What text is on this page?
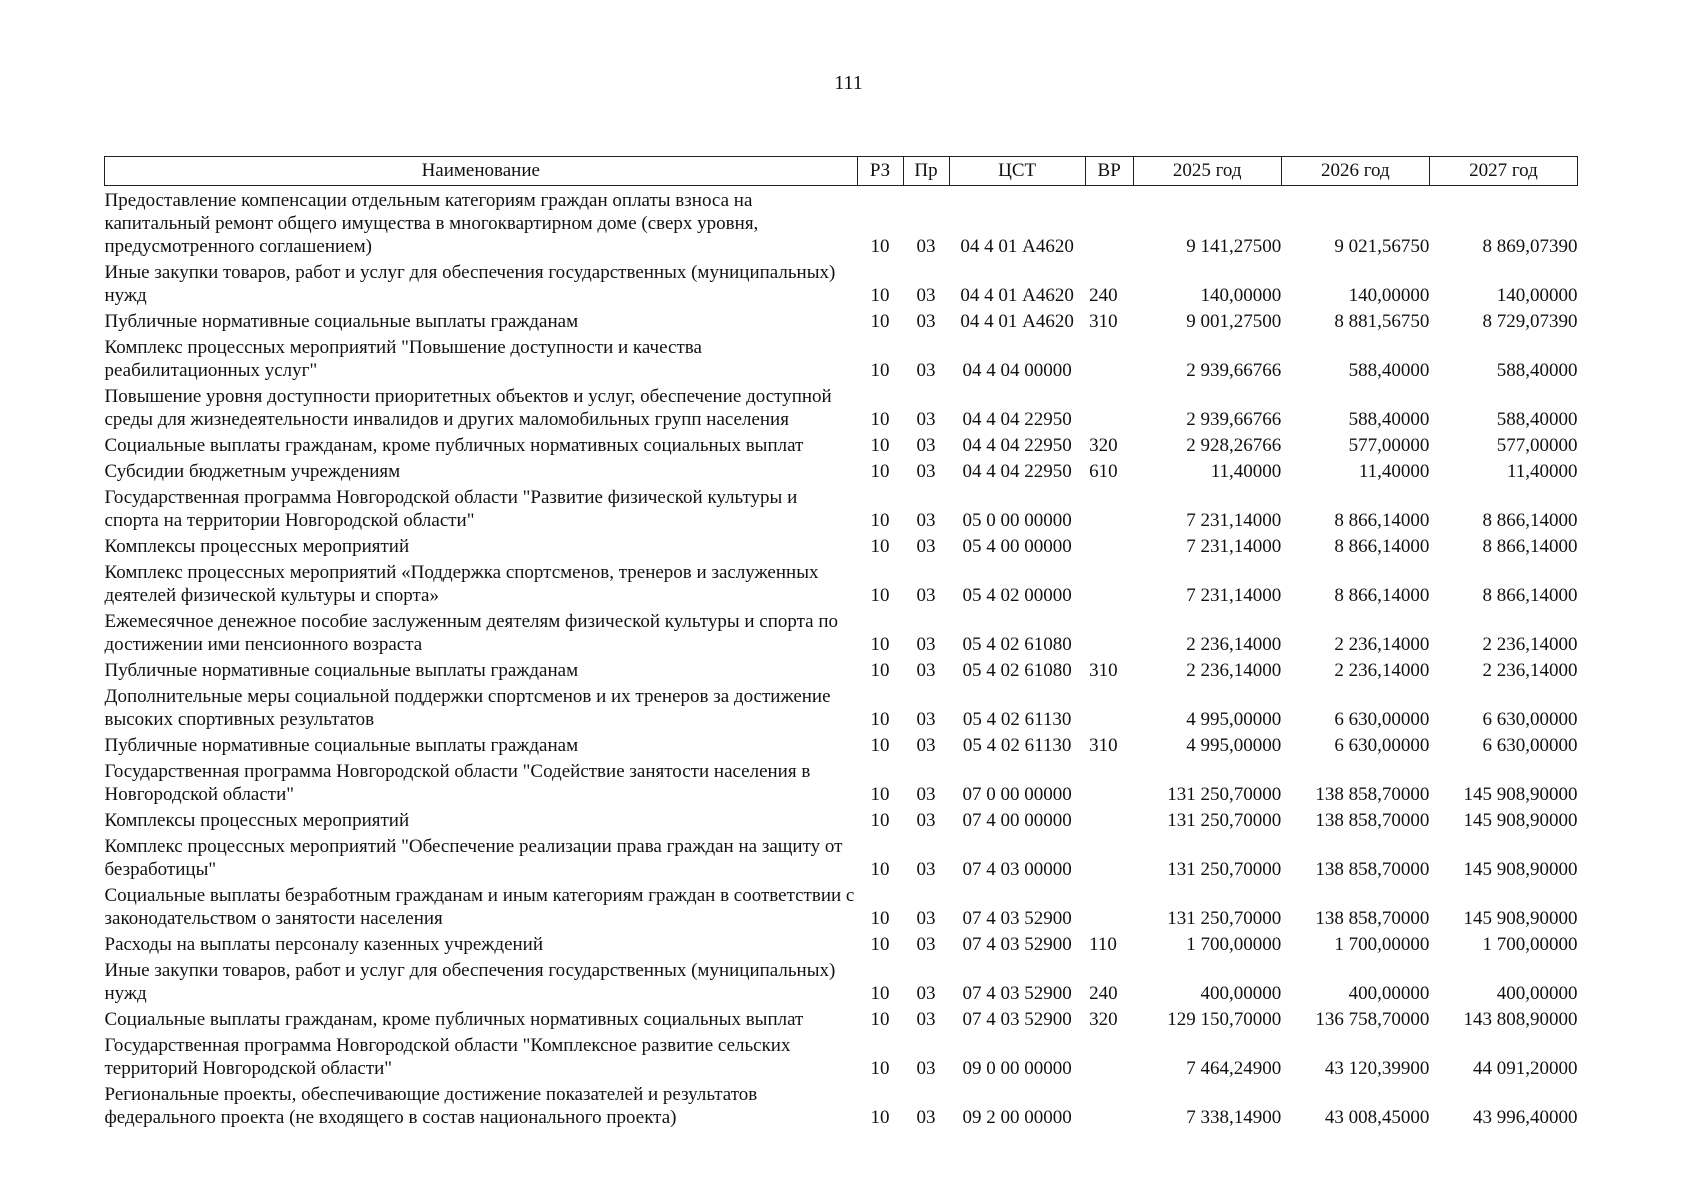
111
Наименование	РЗ	Пр	ЦСТ	ВР	2025 год	2026 год	2027 год
Предоставление компенсации отдельным категориям граждан оплаты взноса на капитальный ремонт общего имущества в многоквартирном доме (сверх уровня, предусмотренного соглашением)	10	03	04 4 01 А4620		9 141,27500	9 021,56750	8 869,07390
Иные закупки товаров, работ и услуг для обеспечения государственных (муниципальных) нужд	10	03	04 4 01 А4620	240	140,00000	140,00000	140,00000
Публичные нормативные социальные выплаты гражданам	10	03	04 4 01 А4620	310	9 001,27500	8 881,56750	8 729,07390
Комплекс процессных мероприятий "Повышение доступности и качества реабилитационных услуг"	10	03	04 4 04 00000		2 939,66766	588,40000	588,40000
Повышение уровня доступности приоритетных объектов и услуг, обеспечение доступной среды для жизнедеятельности инвалидов и других маломобильных групп населения	10	03	04 4 04 22950		2 939,66766	588,40000	588,40000
Социальные выплаты гражданам, кроме публичных нормативных социальных выплат	10	03	04 4 04 22950	320	2 928,26766	577,00000	577,00000
Субсидии бюджетным учреждениям	10	03	04 4 04 22950	610	11,40000	11,40000	11,40000
Государственная программа Новгородской области "Развитие физической культуры и спорта на территории Новгородской области"	10	03	05 0 00 00000		7 231,14000	8 866,14000	8 866,14000
Комплексы процессных мероприятий	10	03	05 4 00 00000		7 231,14000	8 866,14000	8 866,14000
Комплекс процессных мероприятий «Поддержка спортсменов, тренеров и заслуженных деятелей физической культуры и спорта»	10	03	05 4 02 00000		7 231,14000	8 866,14000	8 866,14000
Ежемесячное денежное пособие заслуженным деятелям физической культуры и спорта по достижении ими пенсионного возраста	10	03	05 4 02 61080		2 236,14000	2 236,14000	2 236,14000
Публичные нормативные социальные выплаты гражданам	10	03	05 4 02 61080	310	2 236,14000	2 236,14000	2 236,14000
Дополнительные меры социальной поддержки спортсменов и их тренеров за достижение высоких спортивных результатов	10	03	05 4 02 61130		4 995,00000	6 630,00000	6 630,00000
Публичные нормативные социальные выплаты гражданам	10	03	05 4 02 61130	310	4 995,00000	6 630,00000	6 630,00000
Государственная программа Новгородской области "Содействие занятости населения в Новгородской области"	10	03	07 0 00 00000		131 250,70000	138 858,70000	145 908,90000
Комплексы процессных мероприятий	10	03	07 4 00 00000		131 250,70000	138 858,70000	145 908,90000
Комплекс процессных мероприятий "Обеспечение реализации права граждан на защиту от безработицы"	10	03	07 4 03 00000		131 250,70000	138 858,70000	145 908,90000
Социальные выплаты безработным гражданам и иным категориям граждан в соответствии с законодательством о занятости населения	10	03	07 4 03 52900		131 250,70000	138 858,70000	145 908,90000
Расходы на выплаты персоналу казенных учреждений	10	03	07 4 03 52900	110	1 700,00000	1 700,00000	1 700,00000
Иные закупки товаров, работ и услуг для обеспечения государственных (муниципальных) нужд	10	03	07 4 03 52900	240	400,00000	400,00000	400,00000
Социальные выплаты гражданам, кроме публичных нормативных социальных выплат	10	03	07 4 03 52900	320	129 150,70000	136 758,70000	143 808,90000
Государственная программа Новгородской области "Комплексное развитие сельских территорий Новгородской области"	10	03	09 0 00 00000		7 464,24900	43 120,39900	44 091,20000
Региональные проекты, обеспечивающие достижение показателей и результатов федерального проекта (не входящего в состав национального проекта)	10	03	09 2 00 00000		7 338,14900	43 008,45000	43 996,40000
